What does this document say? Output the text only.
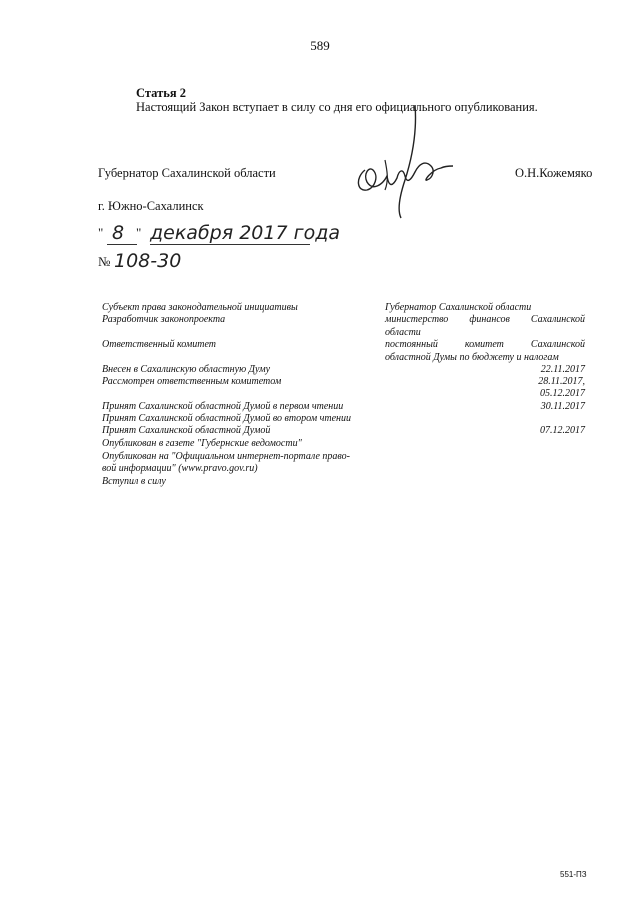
589
Статья 2
Настоящий Закон вступает в силу со дня его официального опубликования.
Губернатор Сахалинской области	О.Н.Кожемяко
г. Южно-Сахалинск
" 8 " декабря 2017 года
№ 108-30
Субъект права законодательной инициативы	Губернатор Сахалинской области
Разработчик законопроекта	министерство финансов Сахалинской
области
Ответственный комитет	постоянный комитет Сахалинской
областной Думы по бюджету и налогам
Внесен в Сахалинскую областную Думу	22.11.2017
Рассмотрен ответственным комитетом	28.11.2017,
05.12.2017
Принят Сахалинской областной Думой в первом чтении	30.11.2017
Принят Сахалинской областной Думой во втором чтении
Принят Сахалинской областной Думой	07.12.2017
Опубликован в газете "Губернские ведомости"
Опубликован на "Официальном интернет-портале право-
вой информации" (www.pravo.gov.ru)
Вступил в силу
551-ПЗ
